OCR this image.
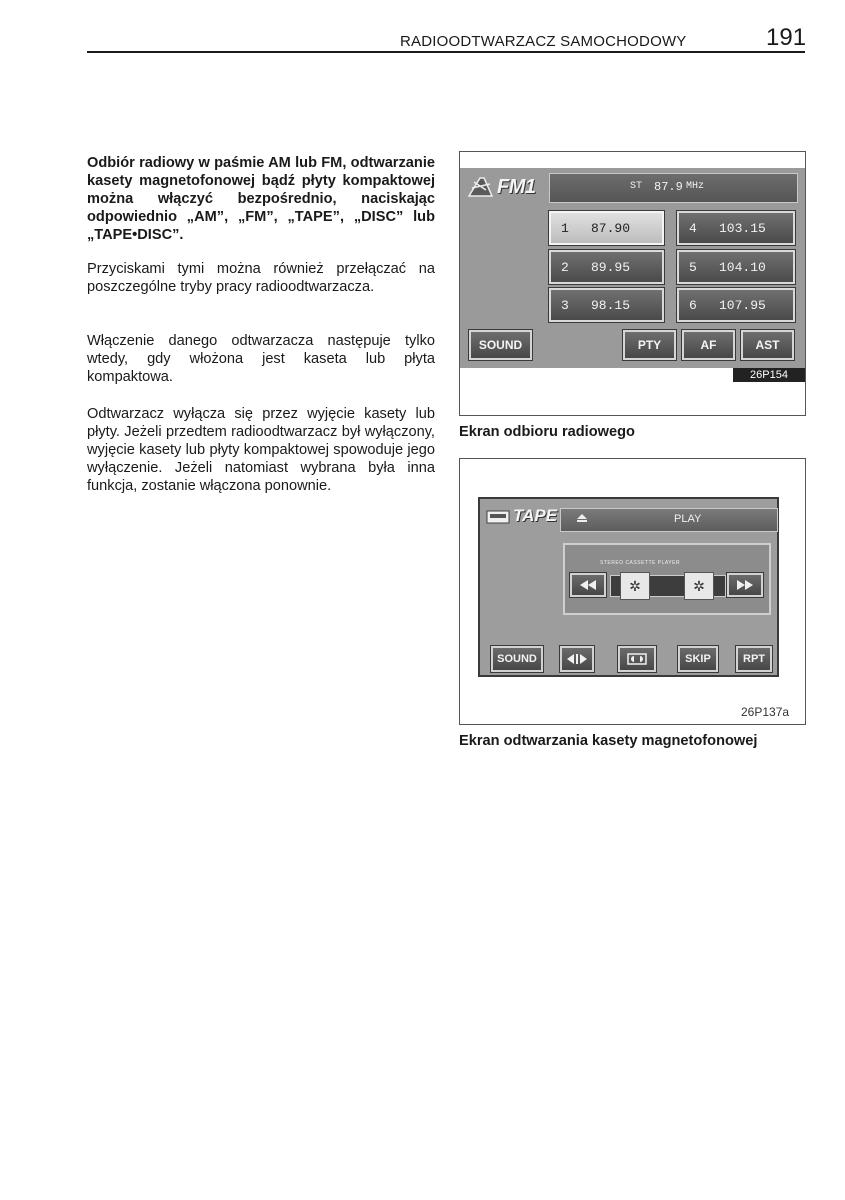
RADIOODTWARZACZ SAMOCHODOWY	191

Odbiór radiowy w paśmie AM lub FM, odtwarzanie kasety magnetofonowej bądź płyty kompaktowej można włączyć bezpośrednio, naciskając odpowiednio „AM”, „FM”, „TAPE”, „DISC” lub „TAPE•DISC”.

Przyciskami tymi można również przełączać na poszczególne tryby pracy radioodtwarzacza.

Włączenie danego odtwarzacza następuje tylko wtedy, gdy włożona jest kaseta lub płyta kompaktowa.

Odtwarzacz wyłącza się przez wyjęcie kasety lub płyty. Jeżeli przedtem radioodtwarzacz był wyłączony, wyjęcie kasety lub płyty kompaktowej spowoduje jego wyłączenie. Jeżeli natomiast wybrana była inna funkcja, zostanie włączona ponownie.

FM1	ST 87.9 MHz
1 87.90
2 89.95
3 98.15
4 103.15
5 104.10
6 107.95
SOUND	PTY	AF	AST
26P154
Ekran odbioru radiowego
TAPE	PLAY
STEREO CASSETTE PLAYER
✲	✲
SOUND	SKIP	RPT
26P137a
Ekran odtwarzania kasety magnetofonowej
